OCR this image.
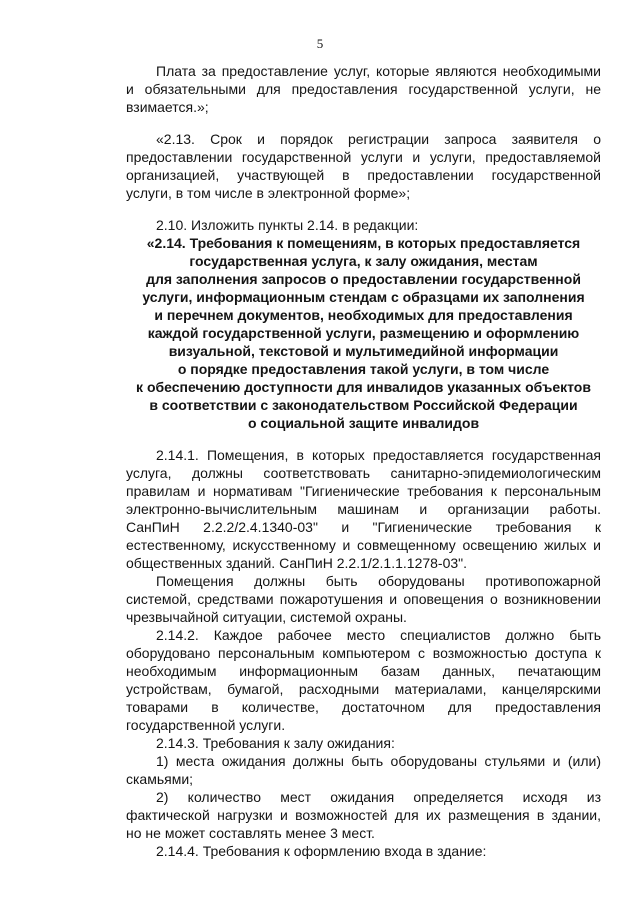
5
Плата за предоставление услуг, которые являются необходимыми
и обязательными для предоставления государственной услуги, не
взимается.»;
«2.13. Срок и порядок регистрации запроса заявителя о
предоставлении государственной услуги и услуги, предоставляемой
организацией, участвующей в предоставлении государственной
услуги, в том числе в электронной форме»;
2.10. Изложить пункты 2.14. в редакции:
«2.14. Требования к помещениям, в которых предоставляется
государственная услуга, к залу ожидания, местам
для заполнения запросов о предоставлении государственной
услуги, информационным стендам с образцами их заполнения
и перечнем документов, необходимых для предоставления
каждой государственной услуги, размещению и оформлению
визуальной, текстовой и мультимедийной информации
о порядке предоставления такой услуги, в том числе
к обеспечению доступности для инвалидов указанных объектов
в соответствии с законодательством Российской Федерации
о социальной защите инвалидов
2.14.1. Помещения, в которых предоставляется государственная
услуга, должны соответствовать санитарно-эпидемиологическим
правилам и нормативам "Гигиенические требования к персональным
электронно-вычислительным машинам и организации работы.
СанПиН 2.2.2/2.4.1340-03" и "Гигиенические требования к
естественному, искусственному и совмещенному освещению жилых и
общественных зданий. СанПиН 2.2.1/2.1.1.1278-03".
Помещения должны быть оборудованы противопожарной
системой, средствами пожаротушения и оповещения о возникновении
чрезвычайной ситуации, системой охраны.
2.14.2. Каждое рабочее место специалистов должно быть
оборудовано персональным компьютером с возможностью доступа к
необходимым информационным базам данных, печатающим
устройствам, бумагой, расходными материалами, канцелярскими
товарами в количестве, достаточном для предоставления
государственной услуги.
2.14.3. Требования к залу ожидания:
1) места ожидания должны быть оборудованы стульями и (или)
скамьями;
2) количество мест ожидания определяется исходя из
фактической нагрузки и возможностей для их размещения в здании,
но не может составлять менее 3 мест.
2.14.4. Требования к оформлению входа в здание:
